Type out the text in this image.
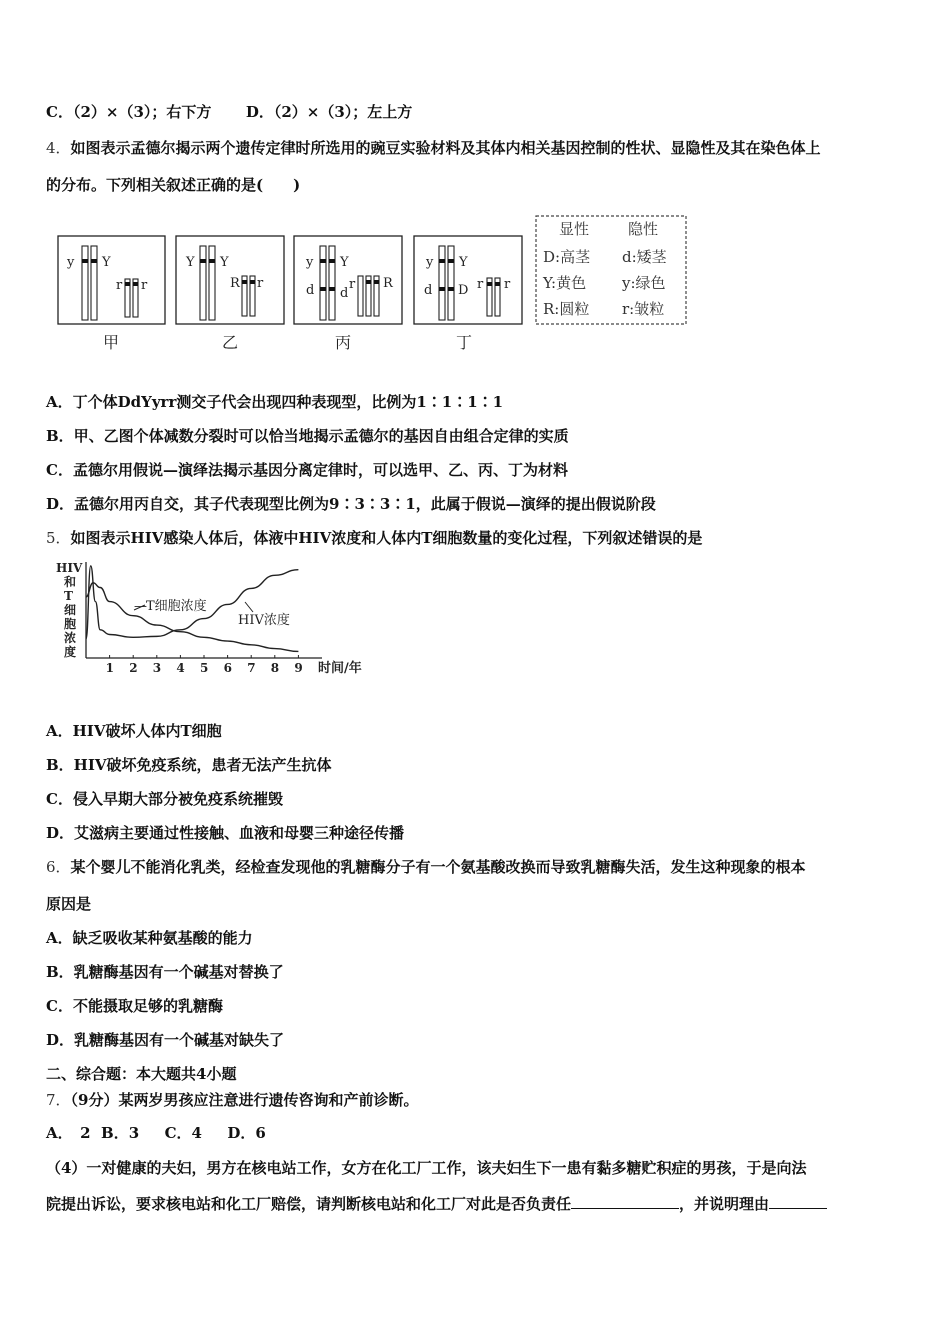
C．（2）×（3）；右下方 D．（2）×（3）；左上方
4．如图表示孟德尔揭示两个遗传定律时所选用的豌豆实验材料及其体内相关基因控制的性状、显隐性及其在染色体上
的分布。下列相关叙述正确的是(　　)
y Y
r r
甲
Y Y
R r
乙
y Y
d d
r R
丙
y Y
d D r r
丁
显性	隐性
D:高茎 d:矮茎
Y:黄色 y:绿色
R:圆粒 r:皱粒
A．丁个体DdYyrr测交子代会出现四种表现型，比例为1∶1∶1∶1
B．甲、乙图个体减数分裂时可以恰当地揭示孟德尔的基因自由组合定律的实质
C．孟德尔用假说—演绎法揭示基因分离定律时，可以选甲、乙、丙、丁为材料
D．孟德尔用丙自交，其子代表现型比例为9∶3∶3∶1，此属于假说—演绎的提出假说阶段
5．如图表示HIV感染人体后，体液中HIV浓度和人体内T细胞数量的变化过程，下列叙述错误的是
HIV 和 T 细胞浓度
时间/年
1 2 3 4 5 6 7 8 9
— T细胞浓度
HIV浓度
A．HIV破坏人体内T细胞
B．HIV破坏免疫系统，患者无法产生抗体
C．侵入早期大部分被免疫系统摧毁
D．艾滋病主要通过性接触、血液和母婴三种途径传播
6．某个婴儿不能消化乳类，经检查发现他的乳糖酶分子有一个氨基酸改换而导致乳糖酶失活，发生这种现象的根本
原因是
A．缺乏吸收某种氨基酸的能力
B．乳糖酶基因有一个碱基对替换了
C．不能摄取足够的乳糖酶
D．乳糖酶基因有一个碱基对缺失了
二、综合题：本大题共4小题
7．（9分）某两岁男孩应注意进行遗传咨询和产前诊断。
A．　2  B．3　  C．4　  D．6
（4）一对健康的夫妇，男方在核电站工作，女方在化工厂工作，该夫妇生下一患有黏多糖贮积症的男孩，于是向法
院提出诉讼，要求核电站和化工厂赔偿，请判断核电站和化工厂对此是否负责任	，并说明理由
